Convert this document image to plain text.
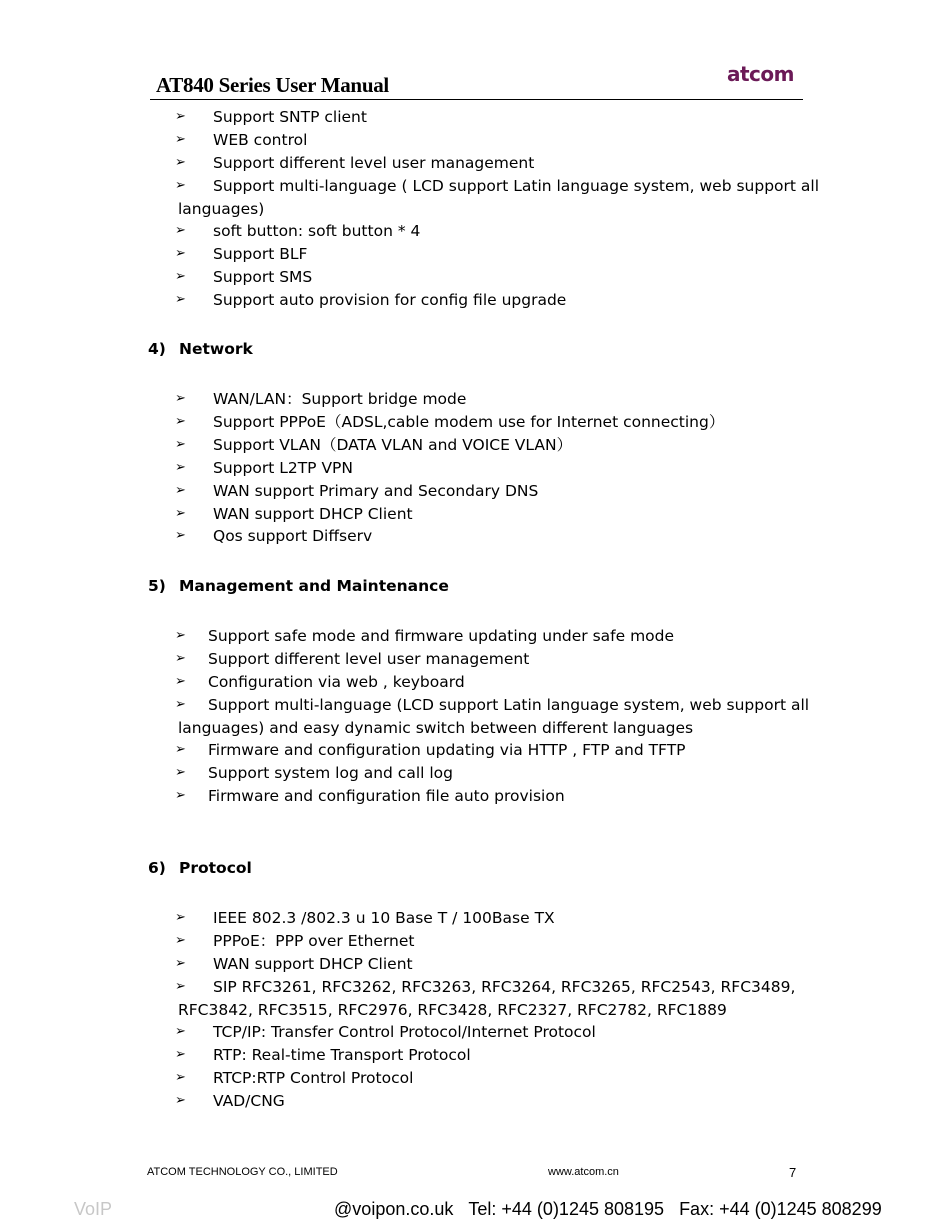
AT840 Series User Manual	atcom
➢ Support SNTP client
➢ WEB control
➢ Support different level user management
➢ Support multi-language ( LCD support Latin language system, web support all
languages)
➢ soft button: soft button * 4
➢ Support BLF
➢ Support SMS
➢ Support auto provision for config file upgrade
4) Network
➢ WAN/LAN：Support bridge mode
➢ Support PPPoE（ADSL,cable modem use for Internet connecting）
➢ Support VLAN（DATA VLAN and VOICE VLAN）
➢ Support L2TP VPN
➢ WAN support Primary and Secondary DNS
➢ WAN support DHCP Client
➢ Qos support Diffserv
5) Management and Maintenance
➢ Support safe mode and firmware updating under safe mode
➢ Support different level user management
➢ Configuration via web , keyboard
➢ Support multi-language (LCD support Latin language system, web support all
languages) and easy dynamic switch between different languages
➢ Firmware and configuration updating via HTTP , FTP and TFTP
➢ Support system log and call log
➢ Firmware and configuration file auto provision
6) Protocol
➢ IEEE 802.3 /802.3 u 10 Base T / 100Base TX
➢ PPPoE：PPP over Ethernet
➢ WAN support DHCP Client
➢ SIP RFC3261, RFC3262, RFC3263, RFC3264, RFC3265, RFC2543, RFC3489,
RFC3842, RFC3515, RFC2976, RFC3428, RFC2327, RFC2782, RFC1889
➢ TCP/IP: Transfer Control Protocol/Internet Protocol
➢ RTP: Real-time Transport Protocol
➢ RTCP:RTP Control Protocol
➢ VAD/CNG
ATCOM TECHNOLOGY CO., LIMITED	www.atcom.cn	7
VoIP	@voipon.co.uk Tel: +44 (0)1245 808195 Fax: +44 (0)1245 808299
